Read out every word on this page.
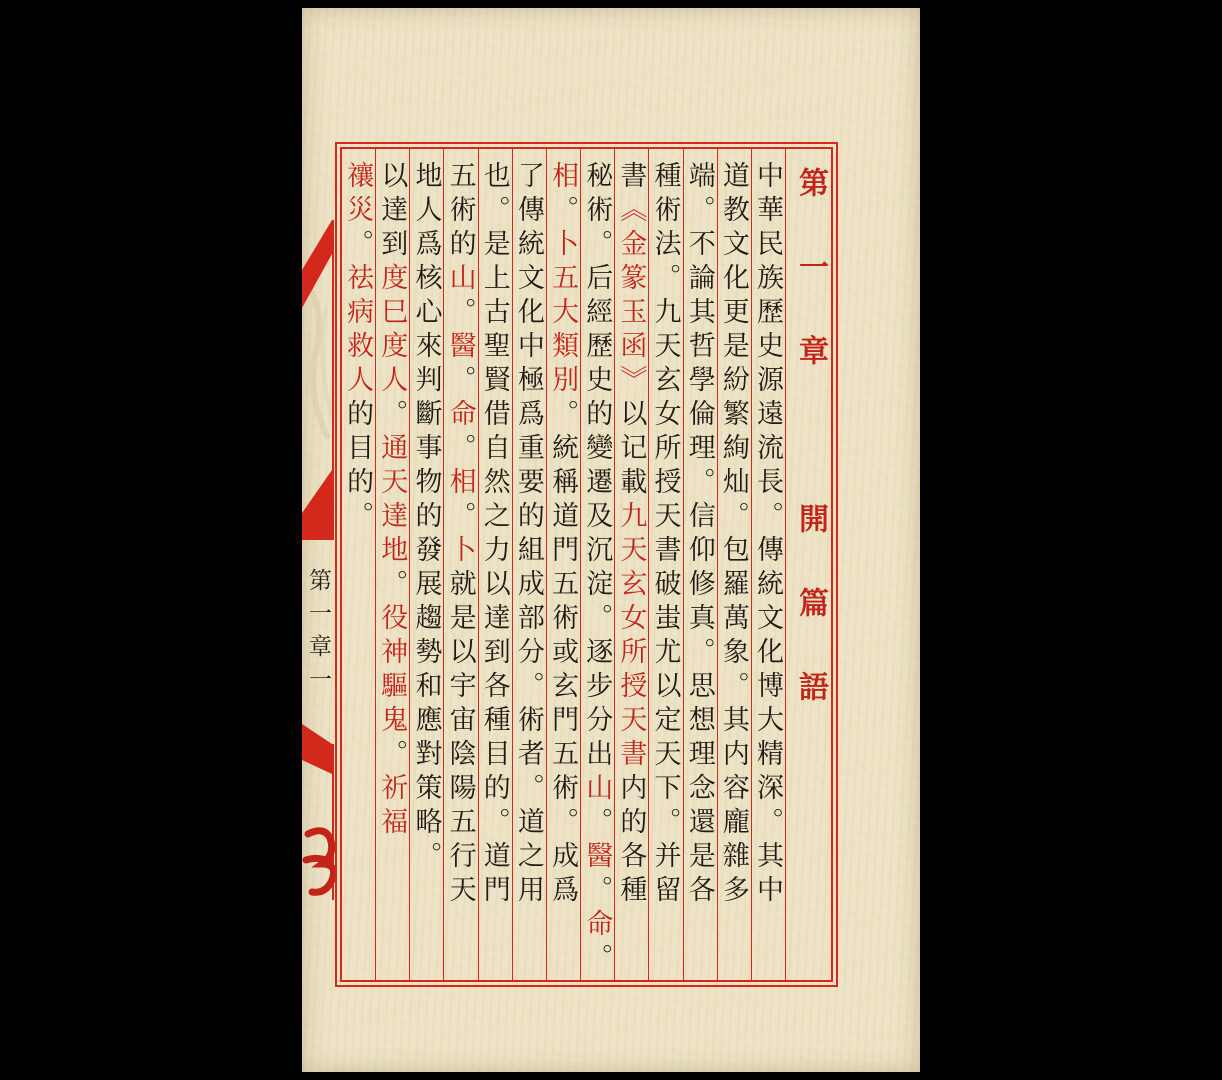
第一章一	第一章　開篇語
中華民族歷史源遠流長。傳統文化博大精深。其中
道教文化更是紛繁絢灿。包羅萬象。其内容龐雜多
端。不論其哲學倫理。信仰修真。思想理念還是各
種術法。九天玄女所授天書破蚩尤以定天下。并留
書《金篆玉函》以记載九天玄女所授天書内的各種
秘術。后經歷史的變遷及沉淀。逐步分出山。醫。命。
相。卜五大類別。統稱道門五術或玄門五術。成爲
了傳統文化中極爲重要的組成部分。術者。道之用
也。是上古聖賢借自然之力以達到各種目的。道門
五術的山。醫。命。相。卜就是以宇宙陰陽五行天
地人爲核心來判斷事物的發展趨勢和應對策略。
以達到度巳度人。通天達地。役神驅鬼。祈福
禳災。祛病救人的目的。
